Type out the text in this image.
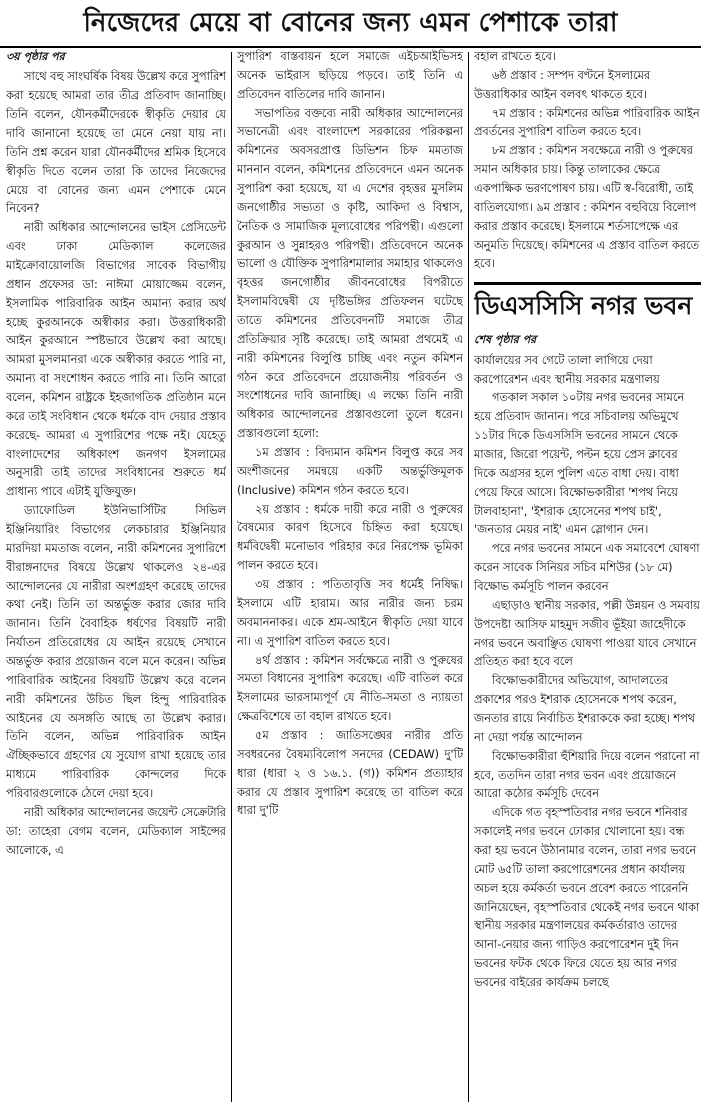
নিজেদের মেয়ে বা বোনের জন্য এমন পেশাকে তারা
৩য় পৃষ্ঠার পর

সাথে বহু সাংঘর্ষিক বিষয় উল্লেখ করে সুপারিশ করা হয়েছে আমরা তার তীব্র প্রতিবাদ জানাচ্ছি। তিনি বলেন, যৌনকর্মীদেরকে স্বীকৃতি দেয়ার যে দাবি জানানো হয়েছে তা মেনে নেয়া যায় না। তিনি প্রশ্ন করেন যারা যৌনকর্মীদের শ্রমিক হিসেবে স্বীকৃতি দিতে বলেন তারা কি তাদের নিজেদের মেয়ে বা বোনের জন্য এমন পেশাকে মেনে নিবেন?

নারী অধিকার আন্দোলনের ভাইস প্রেসিডেন্ট এবং ঢাকা মেডিক্যাল কলেজের মাইক্রোবায়োলজি বিভাগের সাবেক বিভাগীয় প্রধান প্রফেসর ডা: নাঈমা মোয়াজ্জেম বলেন, ইসলামিক পারিবারিক আইন অমান্য করার অর্থ হচ্ছে কুরআনকে অস্বীকার করা। উত্তরাধিকারী আইন কুরআনে স্পষ্টভাবে উল্লেখ করা আছে। আমরা মুসলমানরা একে অস্বীকার করতে পারি না, অমান্য বা সংশোধন করতে পারি না। তিনি আরো বলেন, কমিশন রাষ্ট্রকে ইহজাগতিক প্রতিষ্ঠান মনে করে তাই সংবিধান থেকে ধর্মকে বাদ দেয়ার প্রস্তাব করেছে- আমরা এ সুপারিশের পক্ষে নই। যেহেতু বাংলাদেশের অধিকাংশ জনগণ ইসলামের অনুসারী তাই তাদের সংবিধানের শুরুতে ধর্ম প্রাধান্য পাবে এটাই যুক্তিযুক্ত।

ড্যাফোডিল ইউনিভার্সিটির সিভিল ইঞ্জিনিয়ারিং বিভাগের লেকচারার ইঞ্জিনিয়ার মারদিয়া মমতাজ বলেন, নারী কমিশনের সুপারিশে বীরাঙ্গনাদের বিষয়ে উল্লেখ থাকলেও ২৪-এর আন্দোলনের যে নারীরা অংশগ্রহণ করেছে তাদের কথা নেই। তিনি তা অন্তর্ভুক্ত করার জোর দাবি জানান। তিনি বৈবাহিক ধর্ষণের বিষয়টি নারী নির্যাতন প্রতিরোধের যে আইন রয়েছে সেখানে অন্তর্ভুক্ত করার প্রয়োজন বলে মনে করেন। অভিন্ন পারিবারিক আইনের বিষয়টি উল্লেখ করে বলেন নারী কমিশনের উচিত ছিল হিন্দু পারিবারিক আইনের যে অসঙ্গতি আছে তা উল্লেখ করার। তিনি বলেন, অভিন্ন পারিবারিক আইন ঐচ্ছিকভাবে গ্রহণের যে সুযোগ রাখা হয়েছে তার মাধ্যমে পারিবারিক কোন্দলের দিকে পরিবারগুলোকে ঠেলে দেয়া হবে।

নারী অধিকার আন্দোলনের জয়েন্ট সেক্রেটারি ডা: তাহেরা বেগম বলেন, মেডিক্যাল সাইন্সের আলোকে, এ

সুপারিশ বাস্তবায়ন হলে সমাজে এইচআইভিসহ অনেক ভাইরাস ছড়িয়ে পড়বে। তাই তিনি এ প্রতিবেদন বাতিলের দাবি জানান।

সভাপতির বক্তব্যে নারী অধিকার আন্দোলনের সভানেত্রী এবং বাংলাদেশ সরকারের পরিকল্পনা কমিশনের অবসরপ্রাপ্ত ডিভিশন চিফ মমতাজ মাননান বলেন, কমিশনের প্রতিবেদনে এমন অনেক সুপারিশ করা হয়েছে, যা এ দেশের বৃহত্তর মুসলিম জনগোষ্ঠীর সভ্যতা ও কৃষ্টি, আকিদা ও বিশ্বাস, নৈতিক ও সামাজিক মূল্যবোধের পরিপন্থী। এগুলো কুরআন ও সুন্নাহরও পরিপন্থী। প্রতিবেদনে অনেক ভালো ও যৌক্তিক সুপারিশমালার সমাহার থাকলেও বৃহত্তর জনগোষ্ঠীর জীবনবোধের বিপরীতে ইসলামবিদ্বেষী যে দৃষ্টিভঙ্গির প্রতিফলন ঘটেছে তাতে কমিশনের প্রতিবেদনটি সমাজে তীব্র প্রতিক্রিয়ার সৃষ্টি করেছে। তাই আমরা প্রথমেই এ নারী কমিশনের বিলুপ্তি চাচ্ছি এবং নতুন কমিশন গঠন করে প্রতিবেদনে প্রয়োজনীয় পরিবর্তন ও সংশোধনের দাবি জানাচ্ছি। এ লক্ষ্যে তিনি নারী অধিকার আন্দোলনের প্রস্তাবগুলো তুলে ধরেন। প্রস্তাবগুলো হলো:

১ম প্রস্তাব : বিদ্যমান কমিশন বিলুপ্ত করে সব অংশীজনের সমন্বয়ে একটি অন্তর্ভুক্তিমূলক (Inclusive) কমিশন গঠন করতে হবে।

২য় প্রস্তাব : ধর্মকে দায়ী করে নারী ও পুরুষের বৈষম্যের কারণ হিসেবে চিহ্নিত করা হয়েছে। ধর্মবিদ্বেষী মনোভাব পরিহার করে নিরপেক্ষ ভূমিকা পালন করতে হবে।

৩য় প্রস্তাব : পতিতাবৃত্তি সব ধর্মেই নিষিদ্ধ। ইসলামে এটি হারাম। আর নারীর জন্য চরম অবমাননাকর। একে শ্রম-আইনে স্বীকৃতি দেয়া যাবে না। এ সুপারিশ বাতিল করতে হবে।

৪র্থ প্রস্তাব : কমিশন সর্বক্ষেত্রে নারী ও পুরুষের সমতা বিধানের সুপারিশ করেছে। এটি বাতিল করে ইসলামের ভারসাম্যপূর্ণ যে নীতি-সমতা ও ন্যায়তা ক্ষেত্রবিশেষে তা বহাল রাখতে হবে।

৫ম প্রস্তাব : জাতিসঙ্ঘের নারীর প্রতি সবধরনের বৈষম্যবিলোপ সনদের (CEDAW) দু'টি ধারা (ধারা ২ ও ১৬.১. (গ)) কমিশন প্রত্যাহার করার যে প্রস্তাব সুপারিশ করেছে তা বাতিল করে ধারা দু'টি

বহাল রাখতে হবে।

৬ষ্ঠ প্রস্তাব : সম্পদ বণ্টনে ইসলামের উত্তরাধিকার আইন বলবৎ থাকতে হবে।

৭ম প্রস্তাব : কমিশনের অভিন্ন পারিবারিক আইন প্রবর্তনের সুপারিশ বাতিল করতে হবে।

৮ম প্রস্তাব : কমিশন সবক্ষেত্রে নারী ও পুরুষের সমান অধিকার চায়। কিন্তু তালাকের ক্ষেত্রে একপাক্ষিক ভরণপোষণ চায়। এটি স্ব-বিরোধী, তাই বাতিলযোগ্য। ৯ম প্রস্তাব : কমিশন বহুবিয়ে বিলোপ করার প্রস্তাব করেছে। ইসলামে শর্তসাপেক্ষে এর অনুমতি দিয়েছে। কমিশনের এ প্রস্তাব বাতিল করতে হবে।

ডিএসসিসি নগর ভবন
শেষ পৃষ্ঠার পর

কার্যালয়ের সব গেটে তালা লাগিয়ে দেয়া করপোরেশন এবং স্থানীয় সরকার মন্ত্রণালয়

গতকাল সকাল ১০টায় নগর ভবনের সামনে হয়ে প্রতিবাদ জানান। পরে সচিবালয় অভিমুখে ১১টার দিকে ডিএসসিসি ভবনের সামনে থেকে মাজার, জিরো পয়েন্ট, পল্টন হয়ে প্রেস ক্লাবের দিকে অগ্রসর হলে পুলিশ এতে বাধা দেয়। বাধা পেয়ে ফিরে আসে। বিক্ষোভকারীরা 'শপথ নিয়ে টালবাহানা', 'ইশরাক হোসেনের শপথ চাই', 'জনতার মেয়র নাই' এমন স্লোগান দেন।

পরে নগর ভবনের সামনে এক সমাবেশে ঘোষণা করেন সাবেক সিনিয়র সচিব মশিউর (১৮ মে) বিক্ষোভ কর্মসূচি পালন করবেন

এছাড়াও স্থানীয় সরকার, পল্লী উন্নয়ন ও সমবায় উপদেষ্টা আসিফ মাহমুদ সজীব ভূঁইয়া জাহেদীকে নগর ভবনে অবাঞ্ছিত ঘোষণা পাওয়া যাবে সেখানে প্রতিহত করা হবে বলে

বিক্ষোভকারীদের অভিযোগ, আদালতের প্রকাশের পরও ইশরাক হোসেনকে শপথ করেন, জনতার রায়ে নির্বাচিত ইশরাককে করা হচ্ছে। শপথ না দেয়া পর্যন্ত আন্দোলন

বিক্ষোভকারীরা হুঁশিয়ারি দিয়ে বলেন পরানো না হবে, ততদিন তারা নগর ভবন এবং প্রয়োজনে আরো কঠোর কর্মসূচি দেবেন

এদিকে গত বৃহস্পতিবার নগর ভবনে শনিবার সকালেই নগর ভবনে ঢোকার খোলানো হয়। বন্ধ করা হয় ভবনে উঠানামার বলেন, তারা নগর ভবনে মোট ৬৫টি তালা করপোরেশনের প্রধান কার্যালয় অচল হয়ে কর্মকর্তা ভবনে প্রবেশ করতে পারেননি জানিয়েছেন, বৃহস্পতিবার থেকেই নগর ভবনে থাকা স্থানীয় সরকার মন্ত্রণালয়ের কর্মকর্তারাও তাদের আনা-নেয়ার জন্য গাড়িও করপোরেশন দুই দিন ভবনের ফটক থেকে ফিরে যেতে হয় আর নগর ভবনের বাইরের কার্যক্রম চলছে
